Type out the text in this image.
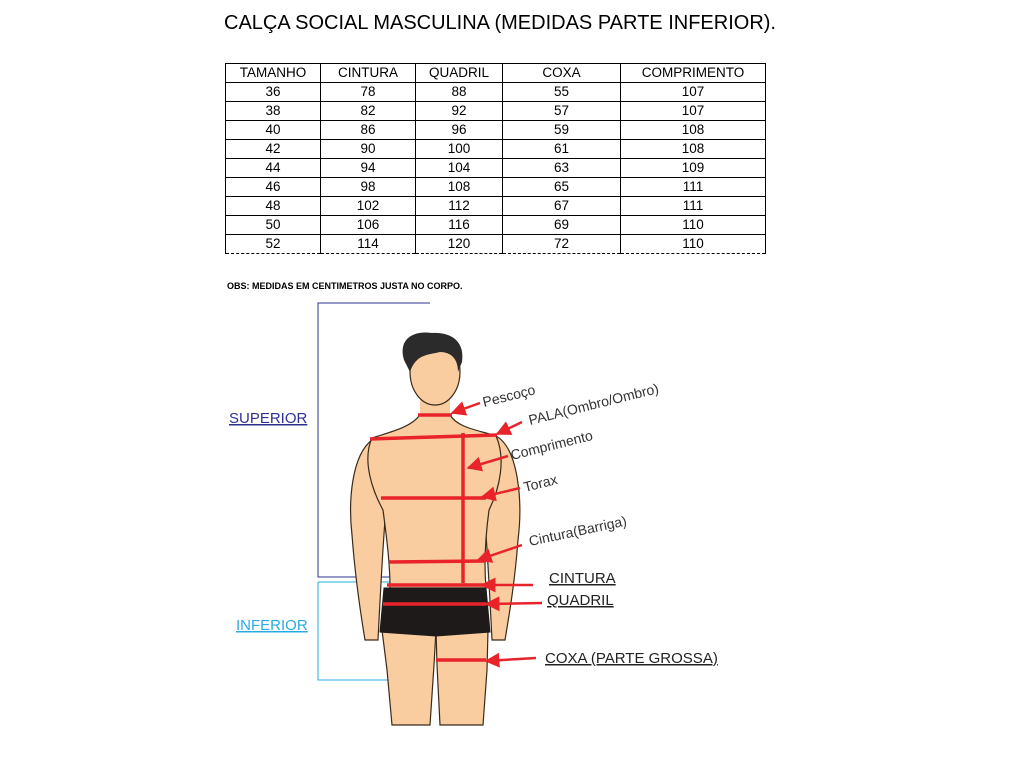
CALÇA SOCIAL MASCULINA (MEDIDAS PARTE INFERIOR).
TAMANHO	CINTURA	QUADRIL	COXA	COMPRIMENTO
36	78	88	55	107
38	82	92	57	107
40	86	96	59	108
42	90	100	61	108
44	94	104	63	109
46	98	108	65	111
48	102	112	67	111
50	106	116	69	110
52	114	120	72	110
OBS: MEDIDAS EM CENTIMETROS JUSTA NO CORPO.
Pescoço
PALA(Ombro/Ombro)
Comprimento
Torax
Cintura(Barriga)
CINTURA
QUADRIL
COXA (PARTE GROSSA)
SUPERIOR
INFERIOR
